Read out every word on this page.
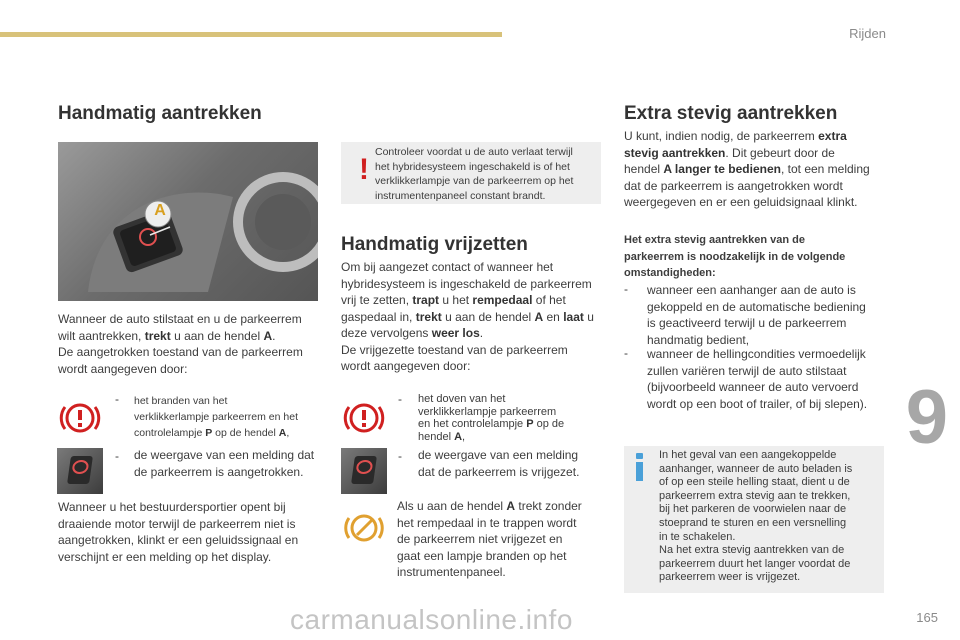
Rijden
9
165
carmanualsonline.info
Handmatig aantrekken
A
Wanneer de auto stilstaat en u de parkeerrem
wilt aantrekken, trekt u aan de hendel A.
De aangetrokken toestand van de parkeerrem
wordt aangegeven door:
- het branden van het
verklikkerlampje parkeerrem en het
controlelampje P op de hendel A,
- de weergave van een melding dat
de parkeerrem is aangetrokken.
Wanneer u het bestuurdersportier opent bij
draaiende motor terwijl de parkeerrem niet is
aangetrokken, klinkt er een geluidssignaal en
verschijnt er een melding op het display.
!
Controleer voordat u de auto verlaat terwijl
het hybridesysteem ingeschakeld is of het
verklikkerlampje van de parkeerrem op het
instrumentenpaneel constant brandt.
Handmatig vrijzetten
Om bij aangezet contact of wanneer het
hybridesysteem is ingeschakeld de parkeerrem
vrij te zetten, trapt u het rempedaal of het
gaspedaal in, trekt u aan de hendel A en laat u
deze vervolgens weer los.
De vrijgezette toestand van de parkeerrem
wordt aangegeven door:
- het doven van het
verklikkerlampje parkeerrem
en het controlelampje P op de
hendel A,
- de weergave van een melding
dat de parkeerrem is vrijgezet.
Als u aan de hendel A trekt zonder
het rempedaal in te trappen wordt
de parkeerrem niet vrijgezet en
gaat een lampje branden op het
instrumentenpaneel.
Extra stevig aantrekken
U kunt, indien nodig, de parkeerrem extra
stevig aantrekken. Dit gebeurt door de
hendel A langer te bedienen, tot een melding
dat de parkeerrem is aangetrokken wordt
weergegeven en er een geluidsignaal klinkt.
Het extra stevig aantrekken van de
parkeerrem is noodzakelijk in de volgende
omstandigheden:
- wanneer een aanhanger aan de auto is
gekoppeld en de automatische bediening
is geactiveerd terwijl u de parkeerrem
handmatig bedient,
- wanneer de hellingcondities vermoedelijk
zullen variëren terwijl de auto stilstaat
(bijvoorbeeld wanneer de auto vervoerd
wordt op een boot of trailer, of bij slepen).
In het geval van een aangekoppelde
aanhanger, wanneer de auto beladen is
of op een steile helling staat, dient u de
parkeerrem extra stevig aan te trekken,
bij het parkeren de voorwielen naar de
stoeprand te sturen en een versnelling
in te schakelen.
Na het extra stevig aantrekken van de
parkeerrem duurt het langer voordat de
parkeerrem weer is vrijgezet.
